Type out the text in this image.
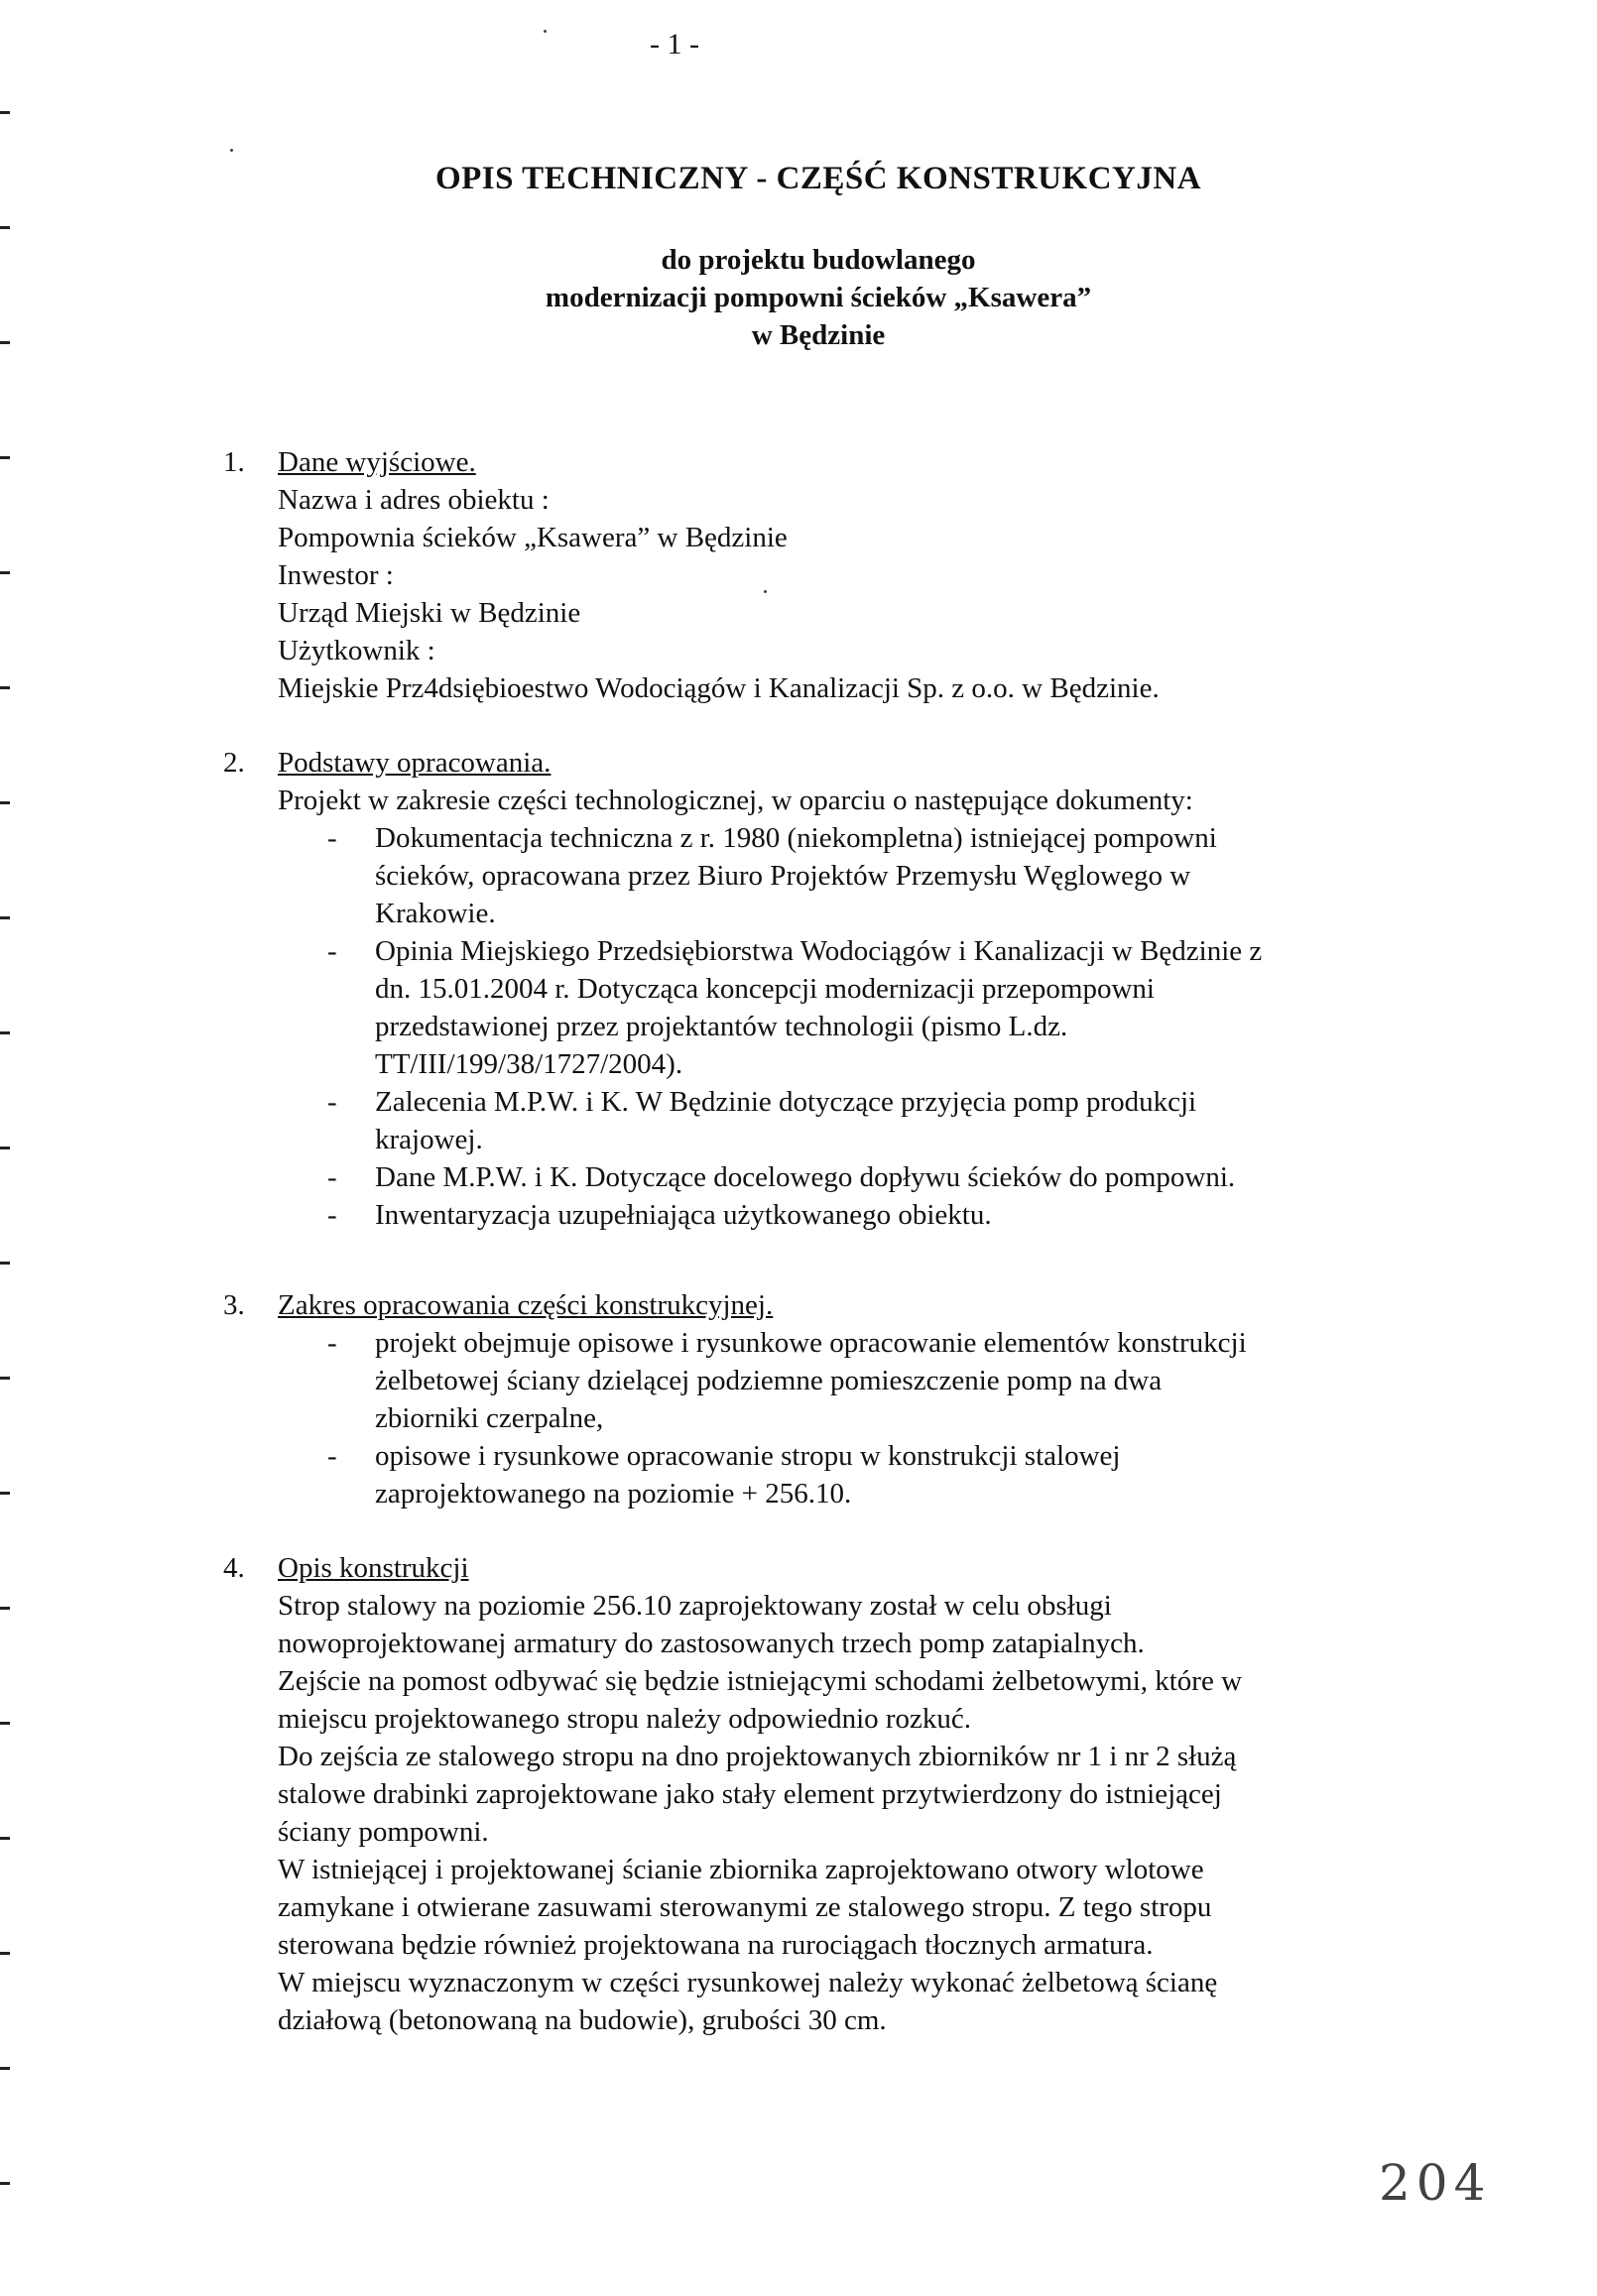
- 1 -
OPIS TECHNICZNY - CZĘŚĆ KONSTRUKCYJNA
do projektu budowlanego
modernizacji pompowni ścieków „Ksawera”
w Będzinie
1. Dane wyjściowe.
Nazwa i adres obiektu :
Pompownia ścieków „Ksawera” w Będzinie
Inwestor :
Urząd Miejski w Będzinie
Użytkownik :
Miejskie Prz4dsiębioestwo Wodociągów i Kanalizacji Sp. z o.o. w Będzinie.
2. Podstawy opracowania.
Projekt w zakresie części technologicznej, w oparciu o następujące dokumenty:
- Dokumentacja techniczna z r. 1980 (niekompletna) istniejącej pompowni
ścieków, opracowana przez Biuro Projektów Przemysłu Węglowego w
Krakowie.
- Opinia Miejskiego Przedsiębiorstwa Wodociągów i Kanalizacji w Będzinie z
dn. 15.01.2004 r. Dotycząca koncepcji modernizacji przepompowni
przedstawionej przez projektantów technologii (pismo L.dz.
TT/III/199/38/1727/2004).
- Zalecenia M.P.W. i K. W Będzinie dotyczące przyjęcia pomp produkcji
krajowej.
- Dane M.P.W. i K. Dotyczące docelowego dopływu ścieków do pompowni.
- Inwentaryzacja uzupełniająca użytkowanego obiektu.
3. Zakres opracowania części konstrukcyjnej.
- projekt obejmuje opisowe i rysunkowe opracowanie elementów konstrukcji
żelbetowej ściany dzielącej podziemne pomieszczenie pomp na dwa
zbiorniki czerpalne,
- opisowe i rysunkowe opracowanie stropu w konstrukcji stalowej
zaprojektowanego na poziomie + 256.10.
4. Opis konstrukcji
Strop stalowy na poziomie 256.10 zaprojektowany został w celu obsługi
nowoprojektowanej armatury do zastosowanych trzech pomp zatapialnych.
Zejście na pomost odbywać się będzie istniejącymi schodami żelbetowymi, które w
miejscu projektowanego stropu należy odpowiednio rozkuć.
Do zejścia ze stalowego stropu na dno projektowanych zbiorników nr 1 i nr 2 służą
stalowe drabinki zaprojektowane jako stały element przytwierdzony do istniejącej
ściany pompowni.
W istniejącej i projektowanej ścianie zbiornika zaprojektowano otwory wlotowe
zamykane i otwierane zasuwami sterowanymi ze stalowego stropu. Z tego stropu
sterowana będzie również projektowana na rurociągach tłocznych armatura.
W miejscu wyznaczonym w części rysunkowej należy wykonać żelbetową ścianę
działową (betonowaną na budowie), grubości 30 cm.
204
